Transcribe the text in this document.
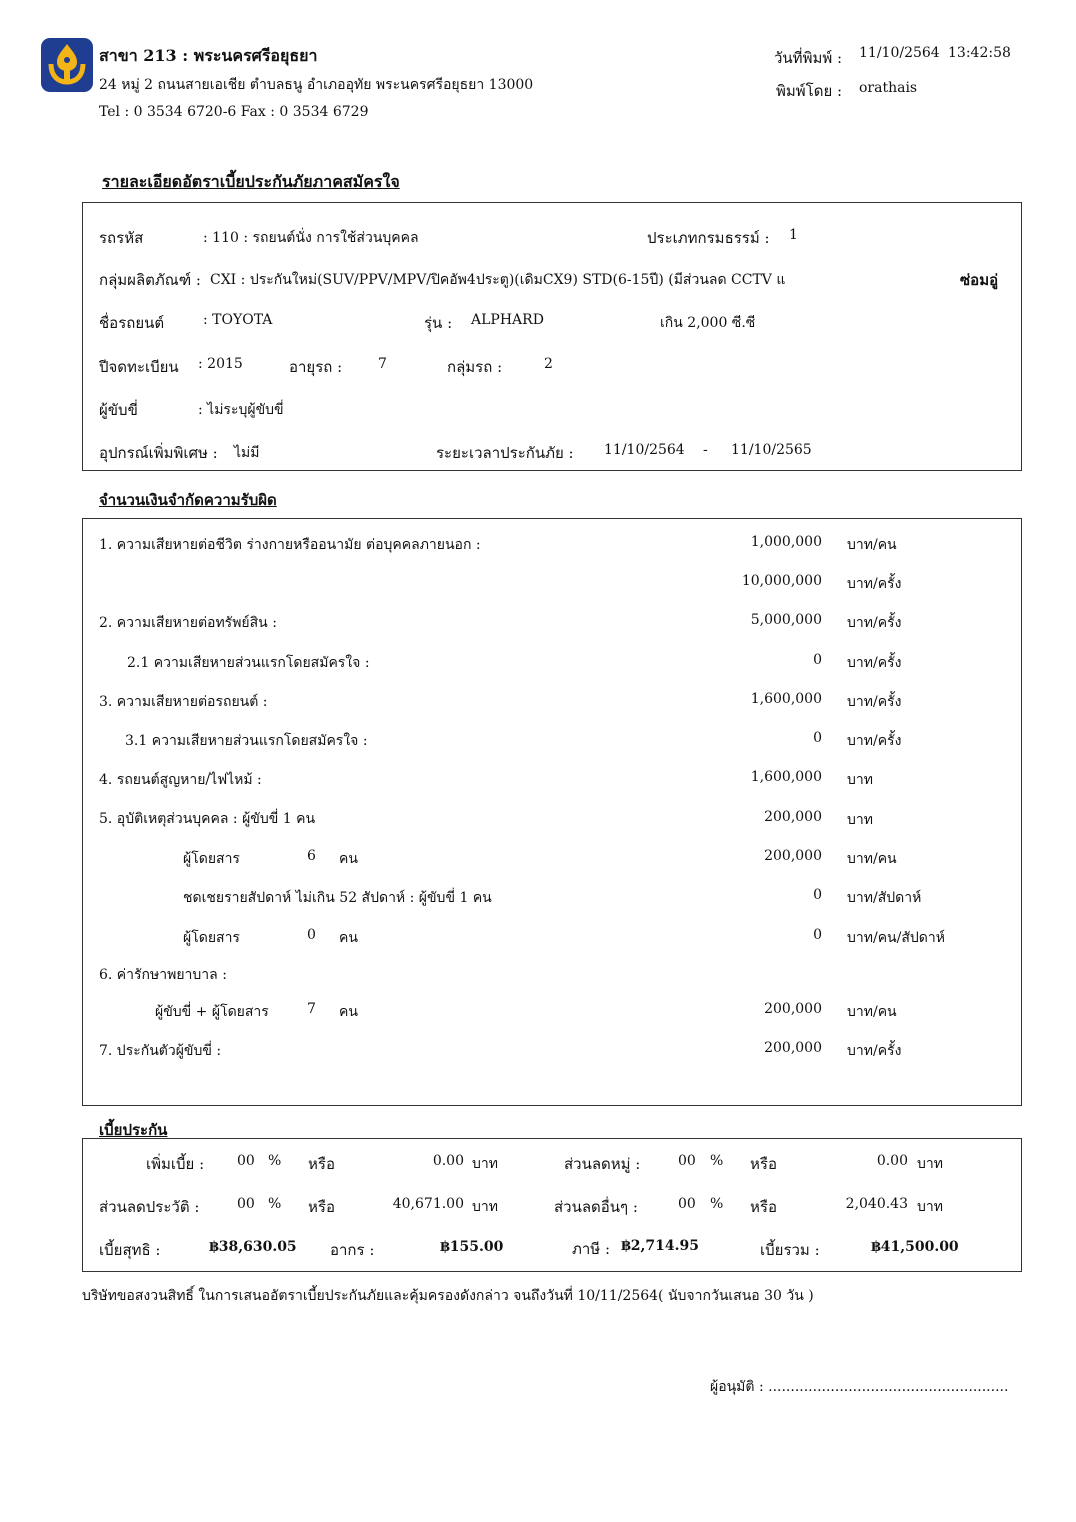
สาขา 213 : พระนครศรีอยุธยา
24 หมู่ 2 ถนนสายเอเชีย ตำบลธนู อำเภออุทัย พระนครศรีอยุธยา 13000
Tel : 0 3534 6720-6 Fax : 0 3534 6729
วันที่พิมพ์ : 11/10/2564 13:42:58
พิมพ์โดย : orathais
รายละเอียดอัตราเบี้ยประกันภัยภาคสมัครใจ
รถรหัส	: 110 : รถยนต์นั่ง การใช้ส่วนบุคคล	ประเภทกรมธรรม์ : 1
กลุ่มผลิตภัณฑ์ : CXI : ประกันใหม่(SUV/PPV/MPV/ปิคอัพ4ประตู)(เดิมCX9) STD(6-15ปี) (มีส่วนลด CCTV แ	ซ่อมอู่
ชื่อรถยนต์	: TOYOTA	รุ่น : ALPHARD	เกิน 2,000 ซี.ซี
ปีจดทะเบียน : 2015	อายุรถ :	7	กลุ่มรถ :	2
ผู้ขับขี่	: ไม่ระบุผู้ขับขี่
อุปกรณ์เพิ่มพิเศษ : ไม่มี	ระยะเวลาประกันภัย : 11/10/2564 - 11/10/2565
จำนวนเงินจำกัดความรับผิด
1. ความเสียหายต่อชีวิต ร่างกายหรืออนามัย ต่อบุคคลภายนอก :	1,000,000 บาท/คน
10,000,000 บาท/ครั้ง
2. ความเสียหายต่อทรัพย์สิน :	5,000,000 บาท/ครั้ง
2.1 ความเสียหายส่วนแรกโดยสมัครใจ :	0 บาท/ครั้ง
3. ความเสียหายต่อรถยนต์ :	1,600,000 บาท/ครั้ง
3.1 ความเสียหายส่วนแรกโดยสมัครใจ :	0 บาท/ครั้ง
4. รถยนต์สูญหาย/ไฟไหม้ :	1,600,000 บาท
5. อุบัติเหตุส่วนบุคคล : ผู้ขับขี่ 1 คน	200,000 บาท
ผู้โดยสาร	6 คน	200,000 บาท/คน
ชดเชยรายสัปดาห์ ไม่เกิน 52 สัปดาห์ : ผู้ขับขี่ 1 คน	0 บาท/สัปดาห์
ผู้โดยสาร	0 คน	0 บาท/คน/สัปดาห์
6. ค่ารักษาพยาบาล :
ผู้ขับขี่ + ผู้โดยสาร	7 คน	200,000 บาท/คน
7. ประกันตัวผู้ขับขี่ :	200,000 บาท/ครั้ง
เบี้ยประกัน
เพิ่มเบี้ย : 00 % หรือ	0.00 บาท	ส่วนลดหมู่ :	00 % หรือ	0.00 บาท
ส่วนลดประวัติ :	00 % หรือ	40,671.00 บาท	ส่วนลดอื่นๆ :	00 % หรือ	2,040.43 บาท
เบี้ยสุทธิ :	฿38,630.05 อากร :	฿155.00	ภาษี : ฿2,714.95	เบี้ยรวม :	฿41,500.00
บริษัทขอสงวนสิทธิ์ ในการเสนออัตราเบี้ยประกันภัยและคุ้มครองดังกล่าว จนถึงวันที่ 10/11/2564( นับจากวันเสนอ 30 วัน )
ผู้อนุมัติ : ......................................................
